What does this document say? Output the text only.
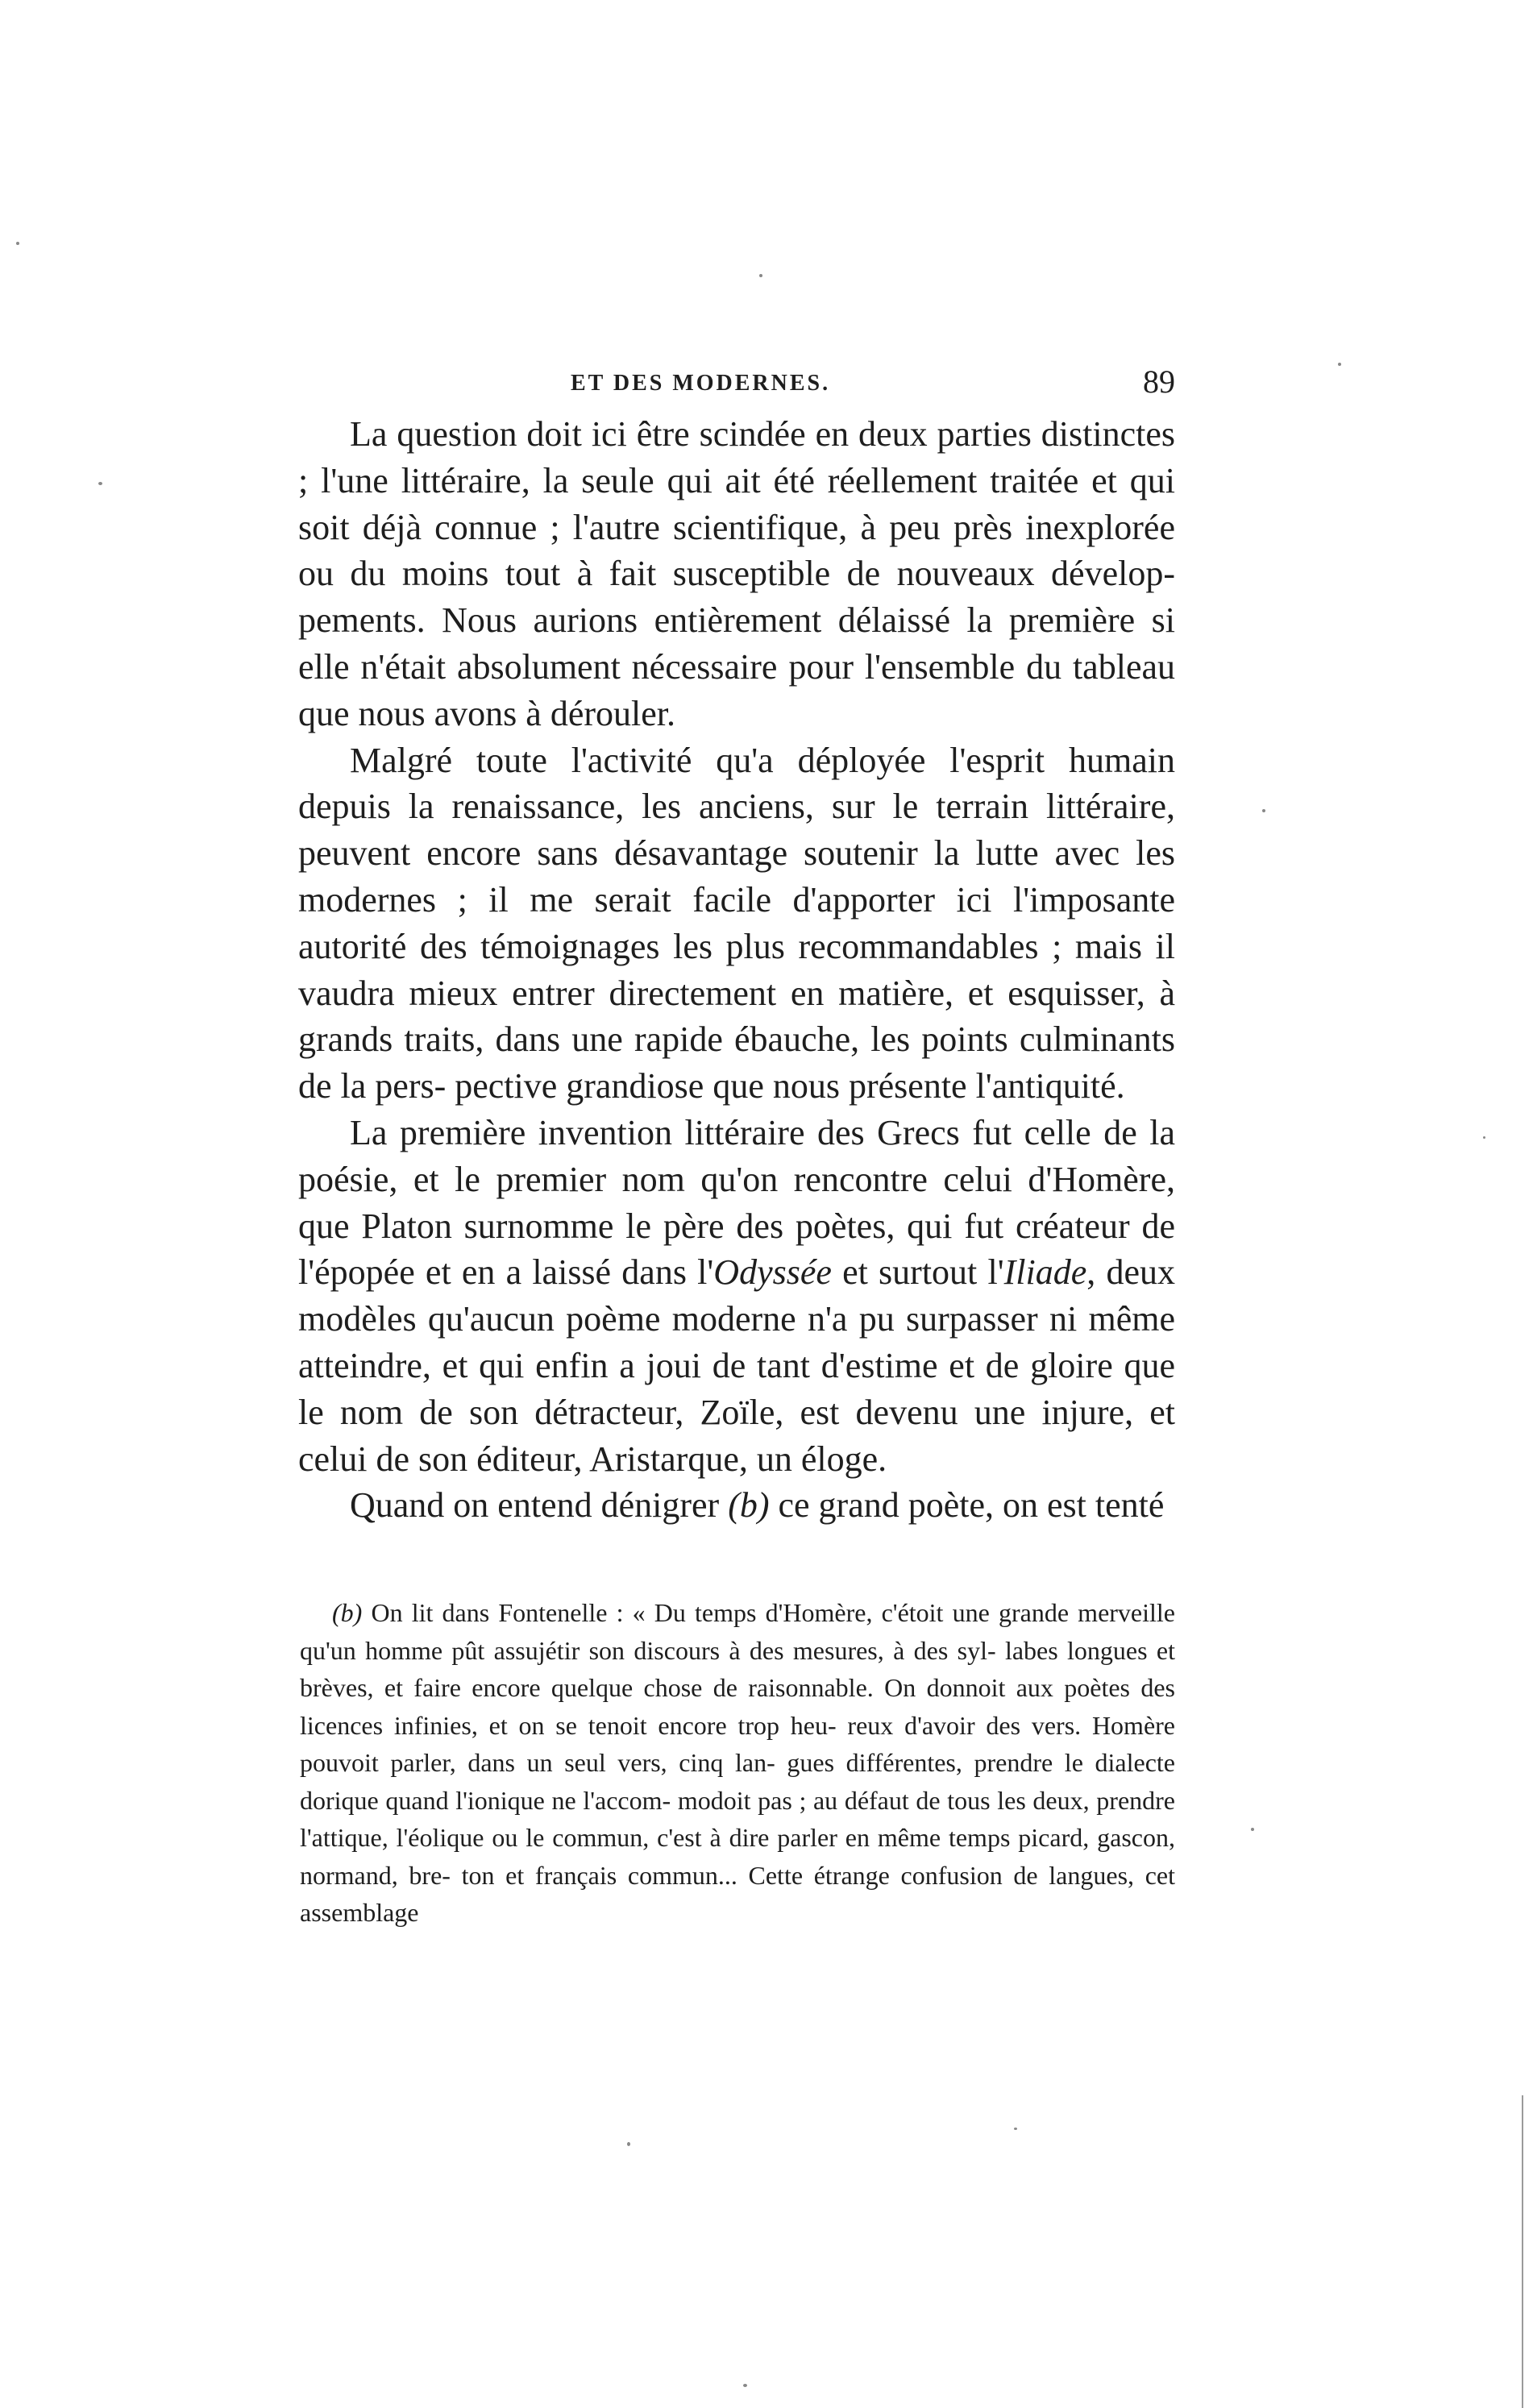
ET DES MODERNES.	89

La question doit ici être scindée en deux parties distinctes ; l'une littéraire, la seule qui ait été réellement traitée et qui soit déjà connue ; l'autre scientifique, à peu près inexplorée ou du moins tout à fait susceptible de nouveaux dévelop- pements. Nous aurions entièrement délaissé la première si elle n'était absolument nécessaire pour l'ensemble du tableau que nous avons à dérouler.

Malgré toute l'activité qu'a déployée l'esprit humain depuis la renaissance, les anciens, sur le terrain littéraire, peuvent encore sans désavantage soutenir la lutte avec les modernes ; il me serait facile d'apporter ici l'imposante autorité des témoignages les plus recommandables ; mais il vaudra mieux entrer directement en matière, et esquisser, à grands traits, dans une rapide ébauche, les points culminants de la pers- pective grandiose que nous présente l'antiquité.

La première invention littéraire des Grecs fut celle de la poésie, et le premier nom qu'on rencontre celui d'Homère, que Platon surnomme le père des poètes, qui fut créateur de l'épopée et en a laissé dans l'Odyssée et surtout l'Iliade, deux modèles qu'aucun poème moderne n'a pu surpasser ni même atteindre, et qui enfin a joui de tant d'estime et de gloire que le nom de son détracteur, Zoïle, est devenu une injure, et celui de son éditeur, Aristarque, un éloge.

Quand on entend dénigrer (b) ce grand poète, on est tenté

(b) On lit dans Fontenelle : « Du temps d'Homère, c'étoit une grande merveille qu'un homme pût assujétir son discours à des mesures, à des syl- labes longues et brèves, et faire encore quelque chose de raisonnable. On donnoit aux poètes des licences infinies, et on se tenoit encore trop heu- reux d'avoir des vers. Homère pouvoit parler, dans un seul vers, cinq lan- gues différentes, prendre le dialecte dorique quand l'ionique ne l'accom- modoit pas ; au défaut de tous les deux, prendre l'attique, l'éolique ou le commun, c'est à dire parler en même temps picard, gascon, normand, bre- ton et français commun... Cette étrange confusion de langues, cet assemblage
